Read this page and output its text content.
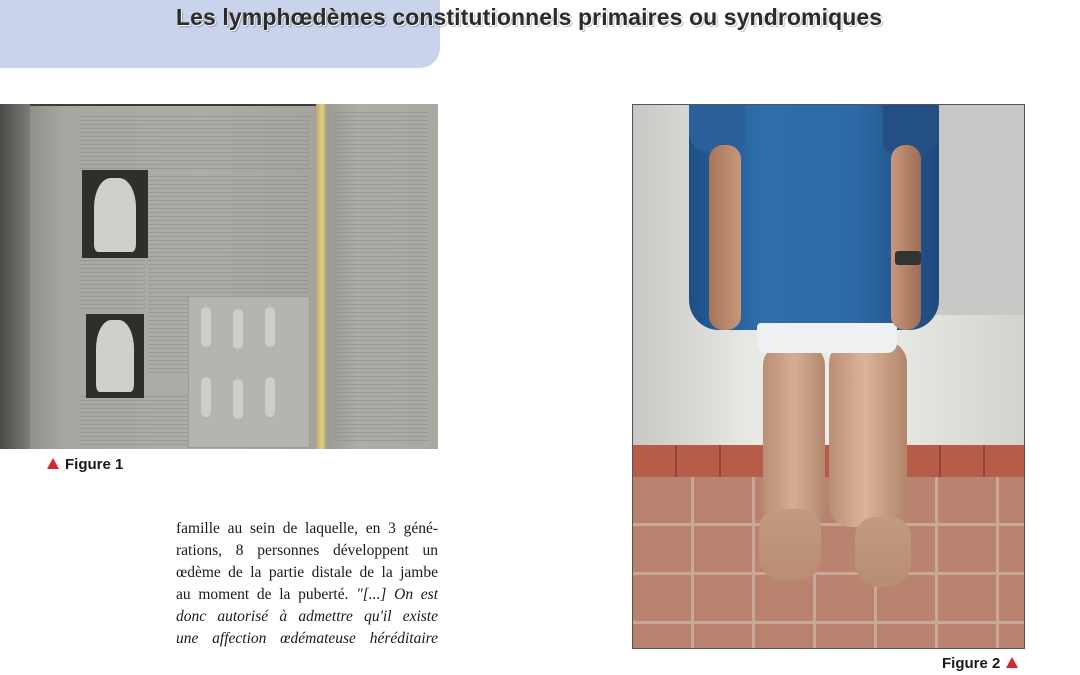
Les lymphœdèmes constitutionnels primaires ou syndromiques
Figure 1

famille au sein de laquelle, en 3 géné-

rations, 8 personnes développent un

œdème de la partie distale de la jambe

au moment de la puberté. "[...] On est

donc autorisé à admettre qu'il existe

une affection œdémateuse héréditaire

Figure 2
